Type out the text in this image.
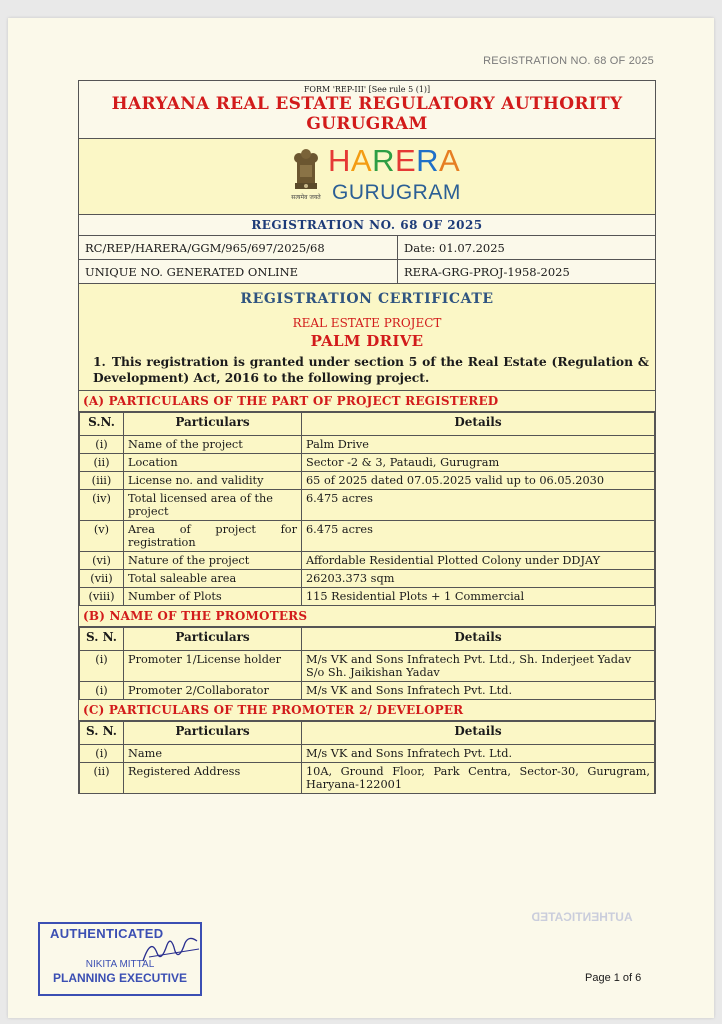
REGISTRATION NO. 68 OF 2025
FORM 'REP-III' [See rule 5 (1)]
HARYANA REAL ESTATE REGULATORY AUTHORITY
GURUGRAM
सत्यमेव जयते
HARERA
GURUGRAM
REGISTRATION NO. 68 OF 2025
RC/REP/HARERA/GGM/965/697/2025/68	Date: 01.07.2025
UNIQUE NO. GENERATED ONLINE	RERA-GRG-PROJ-1958-2025
REGISTRATION CERTIFICATE
REAL ESTATE PROJECT
PALM DRIVE
1. This registration is granted under section 5 of the Real Estate (Regulation & Development) Act, 2016 to the following project.
(A) PARTICULARS OF THE PART OF PROJECT REGISTERED
S.N.	Particulars	Details
(i)	Name of the project	Palm Drive
(ii)	Location	Sector -2 & 3, Pataudi, Gurugram
(iii)	License no. and validity	65 of 2025 dated 07.05.2025 valid up to 06.05.2030
(iv)	Total licensed area of the project	6.475 acres
(v)	Area of project for registration	6.475 acres
(vi)	Nature of the project	Affordable Residential Plotted Colony under DDJAY
(vii)	Total saleable area	26203.373 sqm
(viii)	Number of Plots	115 Residential Plots + 1 Commercial
(B) NAME OF THE PROMOTERS
S. N.	Particulars	Details
(i)	Promoter 1/License holder	M/s VK and Sons Infratech Pvt. Ltd., Sh. Inderjeet Yadav S/o Sh. Jaikishan Yadav
(i)	Promoter 2/Collaborator	M/s VK and Sons Infratech Pvt. Ltd.
(C) PARTICULARS OF THE PROMOTER 2/ DEVELOPER
S. N.	Particulars	Details
(i)	Name	M/s VK and Sons Infratech Pvt. Ltd.
(ii)	Registered Address	10A, Ground Floor, Park Centra, Sector-30, Gurugram, Haryana-122001
AUTHENTICATED
AUTHENTICATED
NIKITA MITTAL
PLANNING EXECUTIVE	Page 1 of 6
